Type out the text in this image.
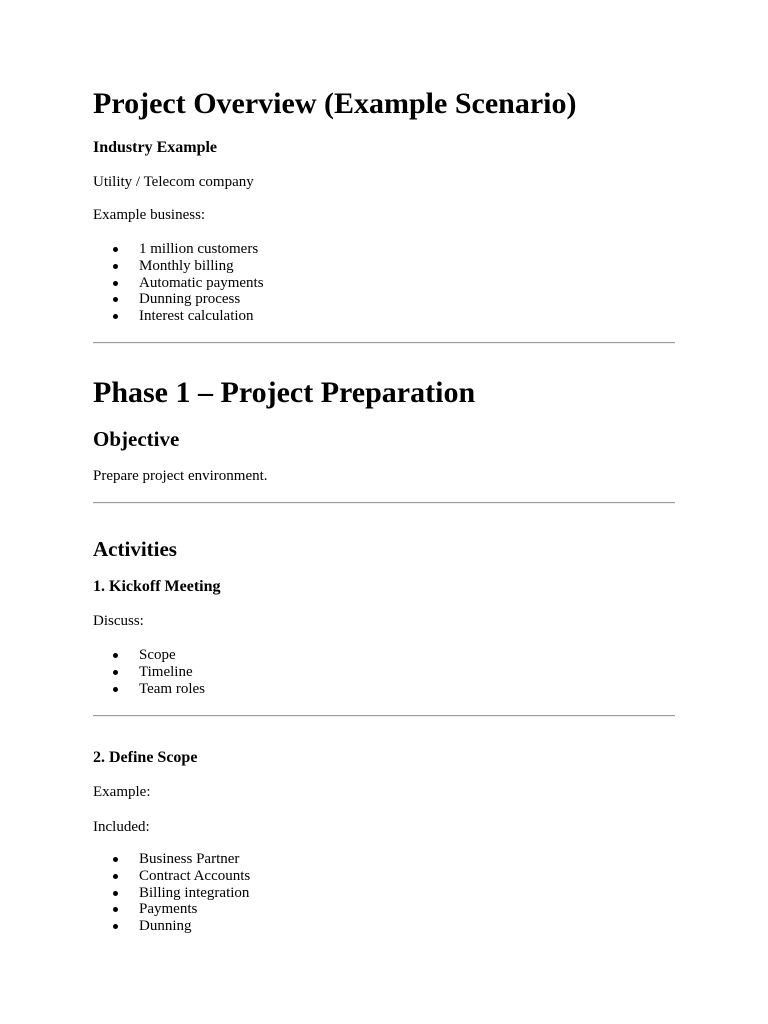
Project Overview (Example Scenario)
Industry Example
Utility / Telecom company
Example business:
1 million customers
Monthly billing
Automatic payments
Dunning process
Interest calculation
Phase 1 – Project Preparation
Objective
Prepare project environment.
Activities
1. Kickoff Meeting
Discuss:
Scope
Timeline
Team roles
2. Define Scope
Example:
Included:
Business Partner
Contract Accounts
Billing integration
Payments
Dunning
